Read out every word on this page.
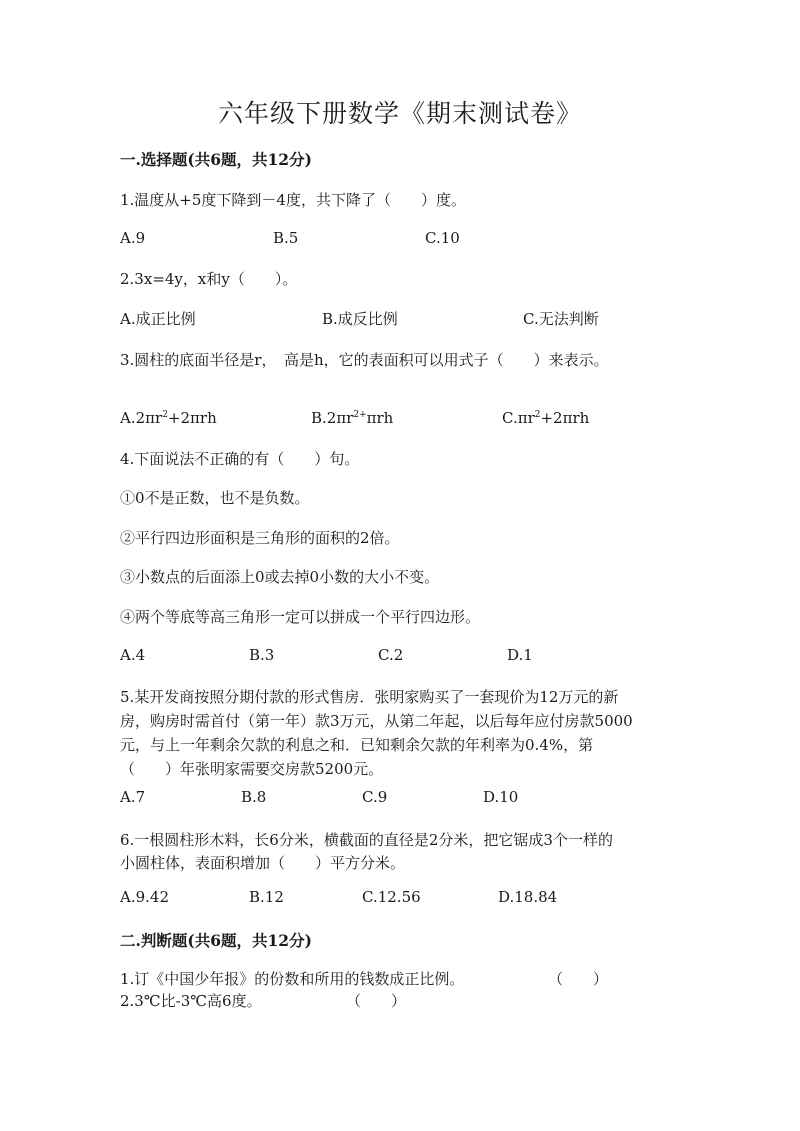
六年级下册数学《期末测试卷》
一.选择题(共6题，共12分)
1.温度从+5度下降到－4度，共下降了（　　）度。
A.9	B.5	C.10
2.3x=4y，x和y（　　）。
A.成正比例	B.成反比例	C.无法判断
3.圆柱的底面半径是r，　高是h，它的表面积可以用式子（　　）来表示。
$A.2\pi r^2+2\pi rh$	$B.2\pi r^{2+}\pi rh$	$C.\pi r^2+2\pi rh$
4.下面说法不正确的有（　　）句。
①0不是正数，也不是负数。
②平行四边形面积是三角形的面积的2倍。
③小数点的后面添上0或去掉0小数的大小不变。
④两个等底等高三角形一定可以拼成一个平行四边形。
A.4	B.3	C.2	D.1
5.某开发商按照分期付款的形式售房．张明家购买了一套现价为12万元的新
房，购房时需首付（第一年）款3万元，从第二年起，以后每年应付房款5000
元，与上一年剩余欠款的利息之和．已知剩余欠款的年利率为0.4%，第
（　　）年张明家需要交房款5200元。
A.7	B.8	C.9	D.10
6.一根圆柱形木料，长6分米，横截面的直径是2分米，把它锯成3个一样的
小圆柱体，表面积增加（　　）平方分米。
A.9.42	B.12	C.12.56	D.18.84
二.判断题(共6题，共12分)
1.订《中国少年报》的份数和所用的钱数成正比例。	（　　）
2.3℃比-3℃高6度。	（　　）
